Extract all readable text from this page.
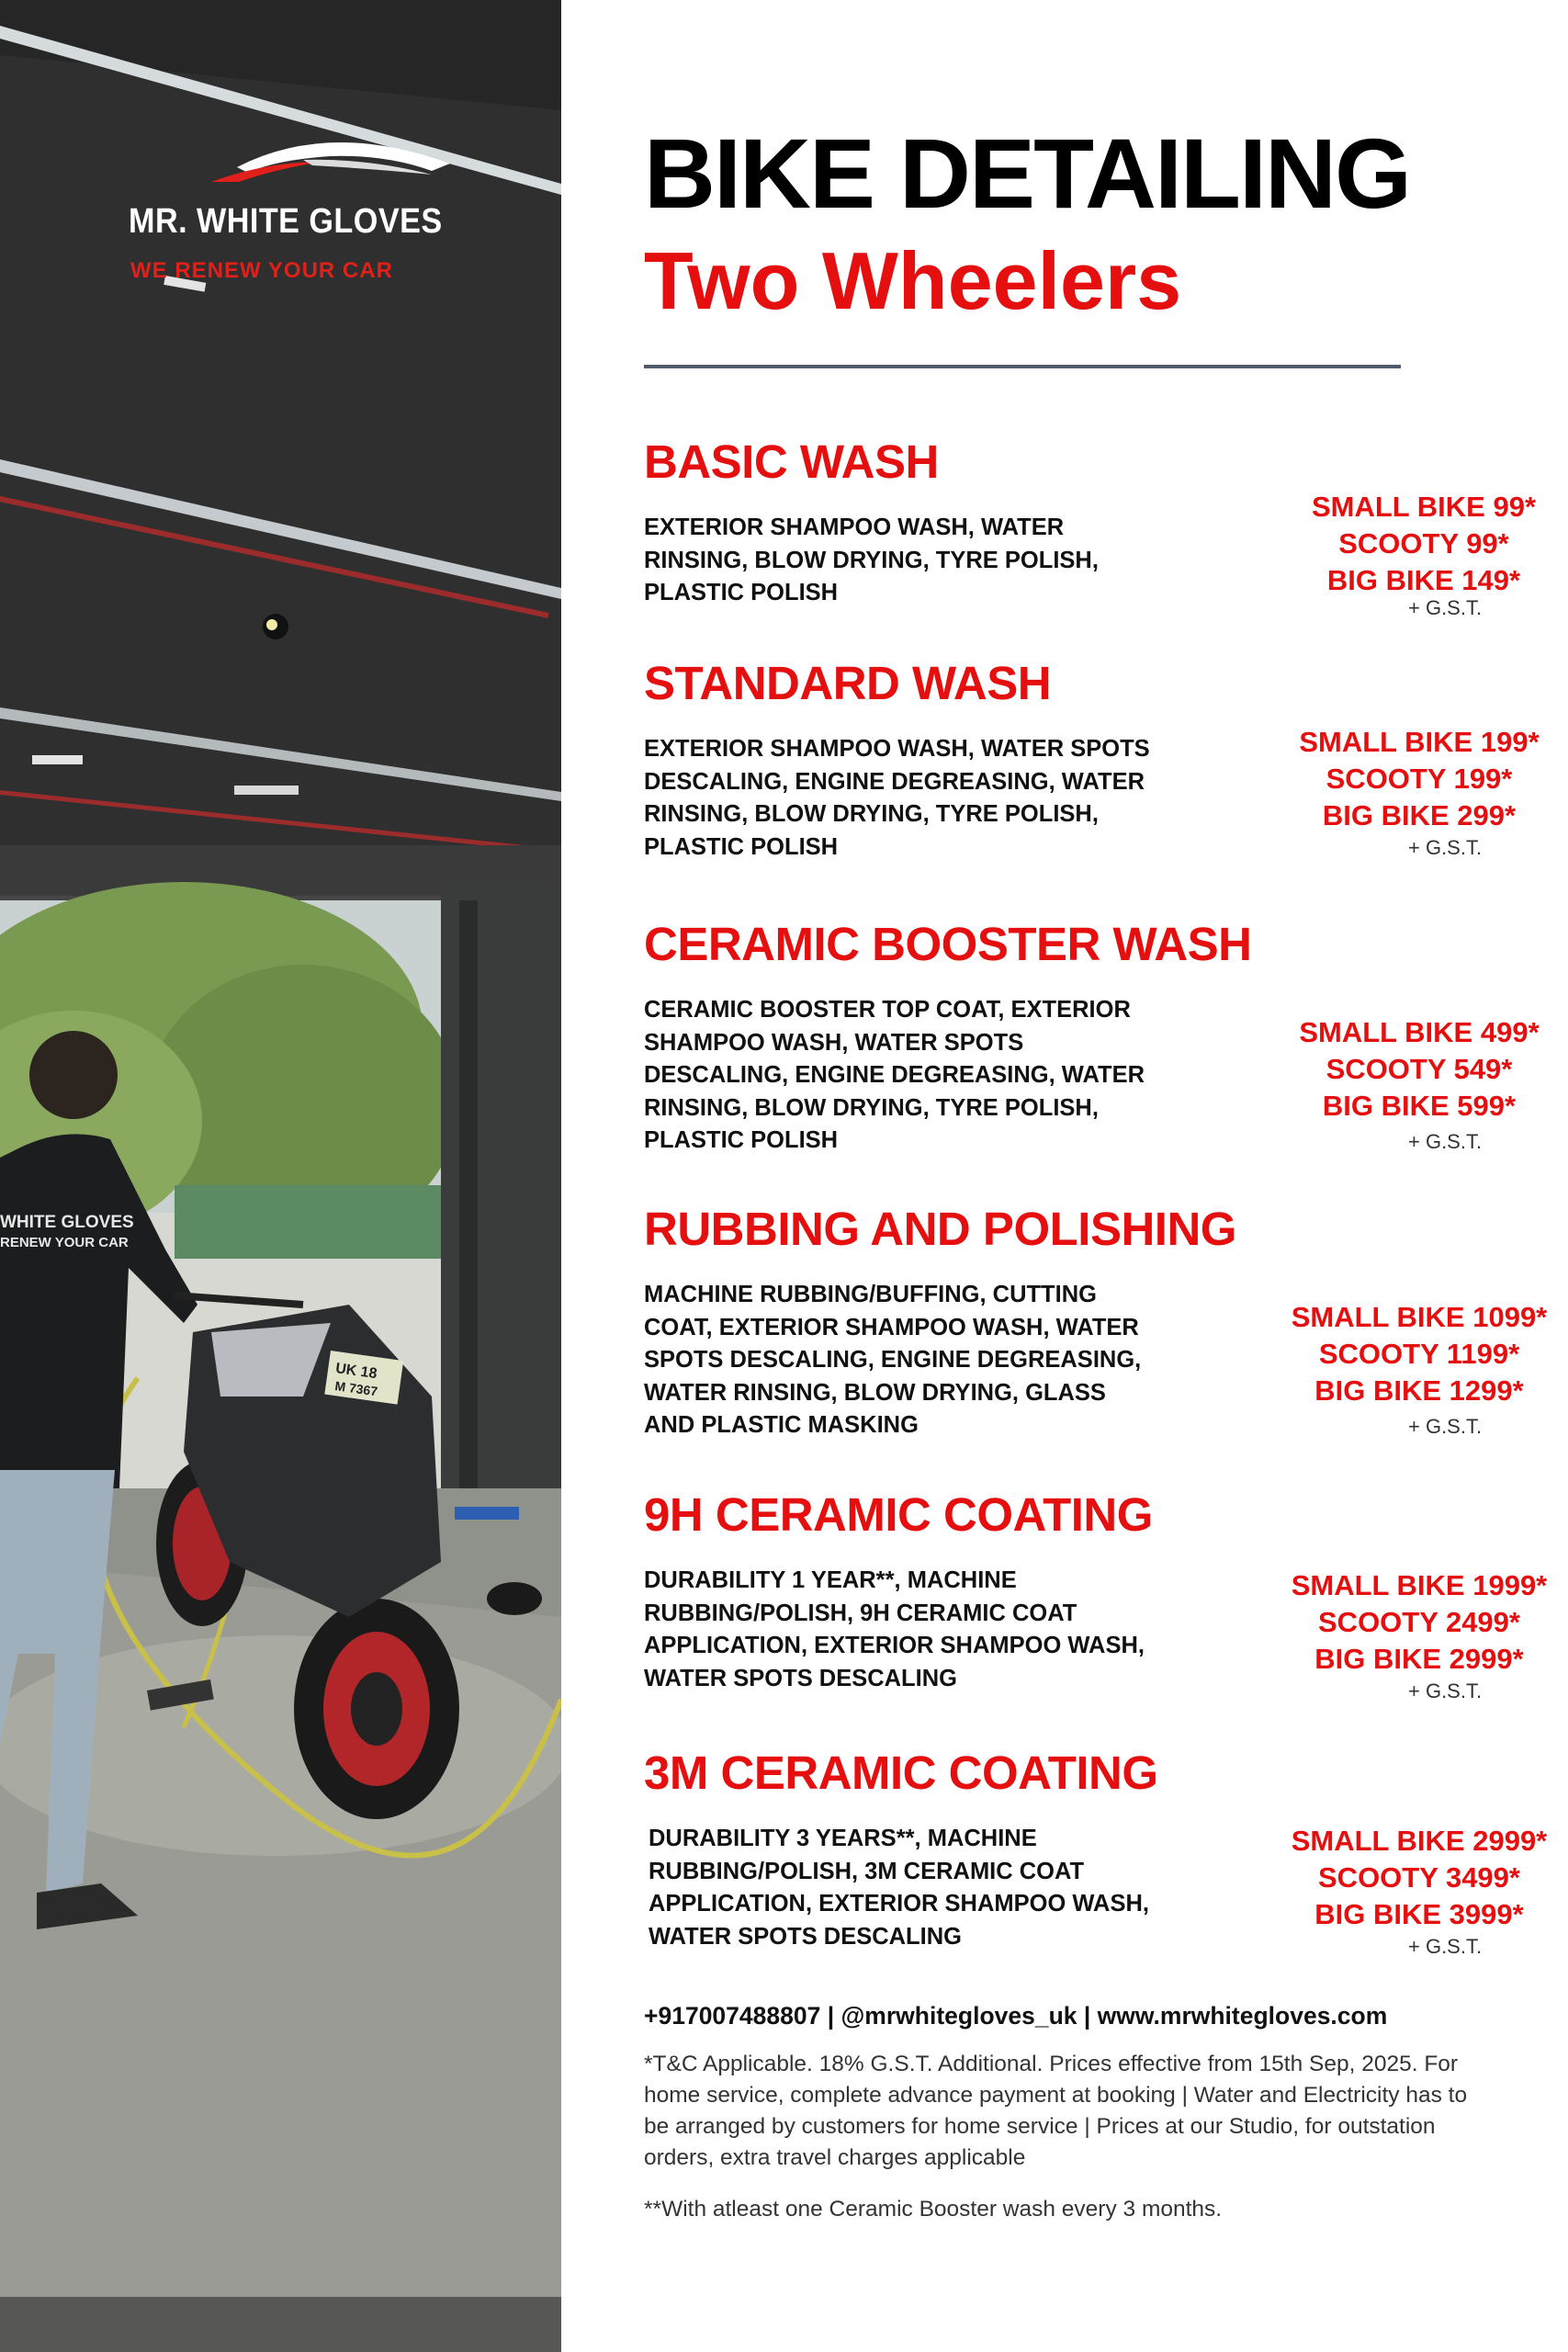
UK 18
M 7367
MR. WHITE GLOVES
WE RENEW YOUR CAR
WHITE GLOVES
RENEW YOUR CAR
BIKE DETAILING
Two Wheelers
BASIC WASH
EXTERIOR SHAMPOO WASH, WATER RINSING, BLOW DRYING, TYRE POLISH, PLASTIC POLISH
SMALL BIKE 99*
SCOOTY 99*
BIG BIKE 149*
+ G.S.T.
STANDARD WASH
EXTERIOR SHAMPOO WASH, WATER SPOTS DESCALING, ENGINE DEGREASING, WATER RINSING, BLOW DRYING, TYRE POLISH, PLASTIC POLISH
SMALL BIKE 199*
SCOOTY 199*
BIG BIKE 299*
+ G.S.T.
CERAMIC BOOSTER WASH
CERAMIC BOOSTER TOP COAT, EXTERIOR SHAMPOO WASH, WATER SPOTS DESCALING, ENGINE DEGREASING, WATER RINSING, BLOW DRYING, TYRE POLISH, PLASTIC POLISH
SMALL BIKE 499*
SCOOTY 549*
BIG BIKE 599*
+ G.S.T.
RUBBING AND POLISHING
MACHINE RUBBING/BUFFING, CUTTING COAT, EXTERIOR SHAMPOO WASH, WATER SPOTS DESCALING, ENGINE DEGREASING, WATER RINSING, BLOW DRYING, GLASS AND PLASTIC MASKING
SMALL BIKE 1099*
SCOOTY 1199*
BIG BIKE 1299*
+ G.S.T.
9H CERAMIC COATING
DURABILITY 1 YEAR**, MACHINE RUBBING/POLISH, 9H CERAMIC COAT APPLICATION, EXTERIOR SHAMPOO WASH, WATER SPOTS DESCALING
SMALL BIKE 1999*
SCOOTY 2499*
BIG BIKE 2999*
+ G.S.T.
3M CERAMIC COATING
DURABILITY 3 YEARS**, MACHINE RUBBING/POLISH, 3M CERAMIC COAT APPLICATION, EXTERIOR SHAMPOO WASH, WATER SPOTS DESCALING
SMALL BIKE 2999*
SCOOTY 3499*
BIG BIKE 3999*
+ G.S.T.
+917007488807 | @mrwhitegloves_uk | www.mrwhitegloves.com
*T&C Applicable. 18% G.S.T. Additional. Prices effective from 15th Sep, 2025. For home service, complete advance payment at booking | Water and Electricity has to be arranged by customers for home service | Prices at our Studio, for outstation orders, extra travel charges applicable
**With atleast one Ceramic Booster wash every 3 months.
